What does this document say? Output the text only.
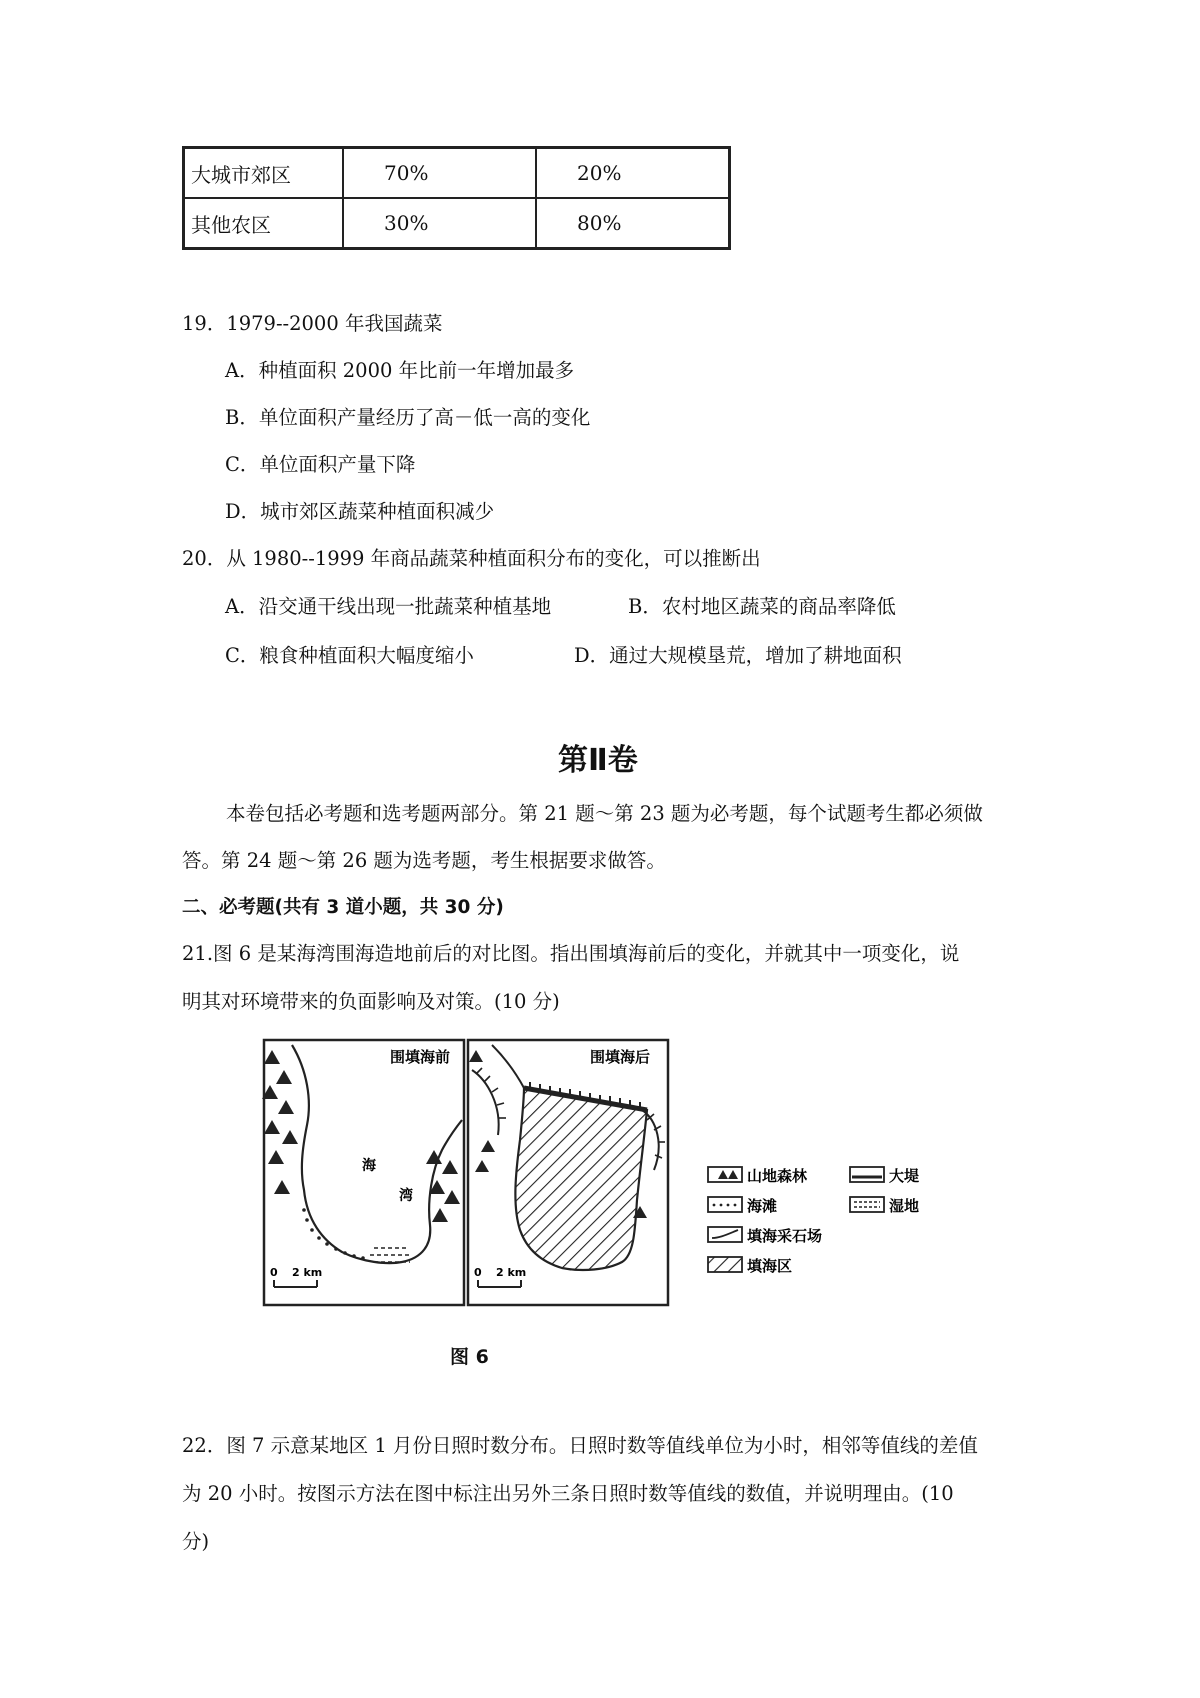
大城市郊区	70%	20%
其他农区	30%	80%
19．1979--2000 年我国蔬菜
A．种植面积 2000 年比前一年增加最多
B．单位面积产量经历了高－低一高的变化
C．单位面积产量下降
D．城市郊区蔬菜种植面积减少
20．从 1980--1999 年商品蔬菜种植面积分布的变化，可以推断出
A．沿交通干线出现一批蔬菜种植基地	B．农村地区蔬菜的商品率降低
C．粮食种植面积大幅度缩小	D．通过大规模垦荒，增加了耕地面积
第Ⅱ卷
本卷包括必考题和选考题两部分。第 21 题～第 23 题为必考题，每个试题考生都必须做
答。第 24 题～第 26 题为选考题，考生根据要求做答。
二、必考题(共有 3 道小题，共 30 分)
21.图 6 是某海湾围海造地前后的对比图。指出围填海前后的变化，并就其中一项变化，说
明其对环境带来的负面影响及对策。(10 分)
海
湾
围填海前
0 2 km
围填海后
0 2 km
山地森林	大堤
海滩	湿地
填海采石场
填海区
图 6
22．图 7 示意某地区 1 月份日照时数分布。日照时数等值线单位为小时，相邻等值线的差值
为 20 小时。按图示方法在图中标注出另外三条日照时数等值线的数值，并说明理由。(10
分)
